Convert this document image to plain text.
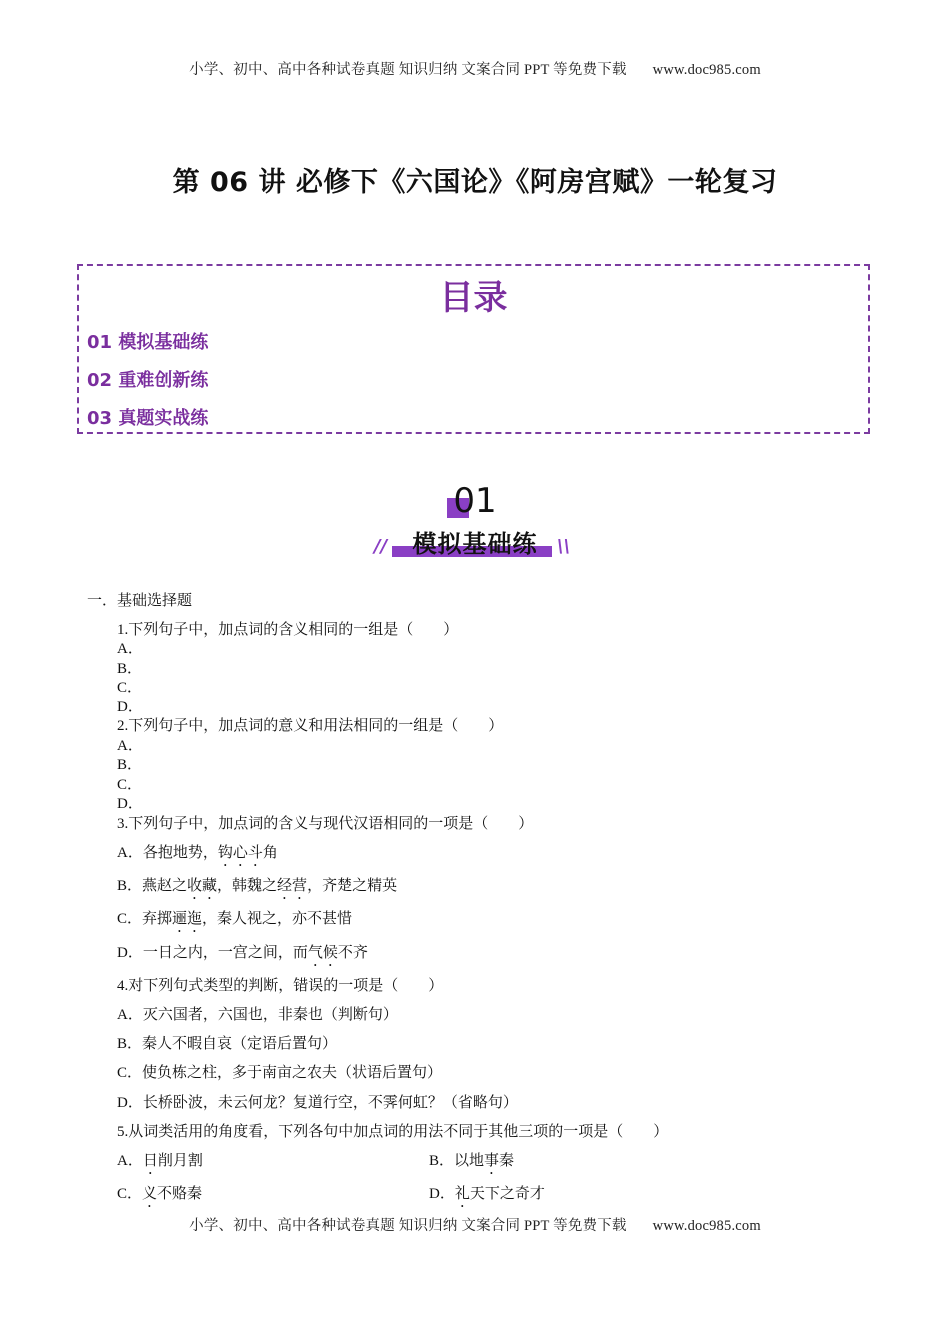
小学、初中、高中各种试卷真题 知识归纳 文案合同 PPT 等免费下载 www.doc985.com
第 06 讲 必修下《六国论》《阿房宫赋》一轮复习
目录
01 模拟基础练
02 重难创新练
03 真题实战练
01
模拟基础练
//	\\
一．基础选择题
1.下列句子中，加点词的含义相同的一组是（　　）
A．
B．
C．
D．
2.下列句子中，加点词的意义和用法相同的一组是（　　）
A．
B．
C．
D．
3.下列句子中，加点词的含义与现代汉语相同的一项是（　　）
A．各抱地势，钩心斗角
B．燕赵之收藏，韩魏之经营，齐楚之精英
C．弃掷逦迤，秦人视之，亦不甚惜
D．一日之内，一宫之间，而气候不齐
4.对下列句式类型的判断，错误的一项是（　　）
A．灭六国者，六国也，非秦也（判断句）
B．秦人不暇自哀（定语后置句）
C．使负栋之柱，多于南亩之农夫（状语后置句）
D．长桥卧波，未云何龙？复道行空，不霁何虹？（省略句）
5.从词类活用的角度看，下列各句中加点词的用法不同于其他三项的一项是（　　）
A．日削月割	B．以地事秦
C．义不赂秦	D．礼天下之奇才
小学、初中、高中各种试卷真题 知识归纳 文案合同 PPT 等免费下载 www.doc985.com
